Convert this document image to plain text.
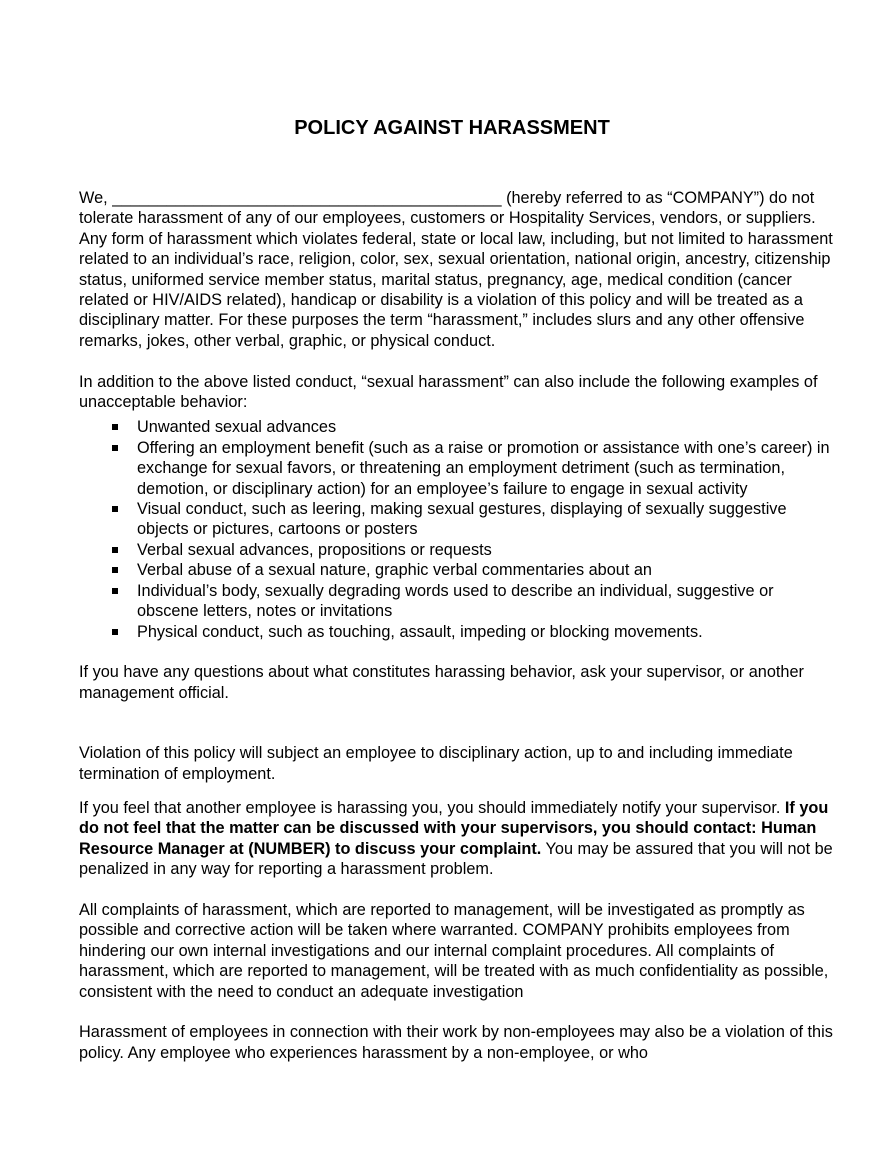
POLICY AGAINST HARASSMENT

We, ___________________________________________ (hereby referred to as “COMPANY”) do not tolerate harassment of any of our employees, customers or Hospitality Services, vendors, or suppliers. Any form of harassment which violates federal, state or local law, including, but not limited to harassment related to an individual’s race, religion, color, sex, sexual orientation, national origin, ancestry, citizenship status, uniformed service member status, marital status, pregnancy, age, medical condition (cancer related or HIV/AIDS related), handicap or disability is a violation of this policy and will be treated as a disciplinary matter. For these purposes the term “harassment,” includes slurs and any other offensive remarks, jokes, other verbal, graphic, or physical conduct.

In addition to the above listed conduct, “sexual harassment” can also include the following examples of unacceptable behavior:

Unwanted sexual advances
Offering an employment benefit (such as a raise or promotion or assistance with one’s career) in exchange for sexual favors, or threatening an employment detriment (such as termination, demotion, or disciplinary action) for an employee’s failure to engage in sexual activity
Visual conduct, such as leering, making sexual gestures, displaying of sexually suggestive objects or pictures, cartoons or posters
Verbal sexual advances, propositions or requests
Verbal abuse of a sexual nature, graphic verbal commentaries about an
Individual’s body, sexually degrading words used to describe an individual, suggestive or obscene letters, notes or invitations
Physical conduct, such as touching, assault, impeding or blocking movements.

If you have any questions about what constitutes harassing behavior, ask your supervisor, or another management official.

Violation of this policy will subject an employee to disciplinary action, up to and including immediate termination of employment.

If you feel that another employee is harassing you, you should immediately notify your supervisor. If you do not feel that the matter can be discussed with your supervisors, you should contact: Human Resource Manager at (NUMBER) to discuss your complaint. You may be assured that you will not be penalized in any way for reporting a harassment problem.

All complaints of harassment, which are reported to management, will be investigated as promptly as possible and corrective action will be taken where warranted. COMPANY prohibits employees from hindering our own internal investigations and our internal complaint procedures. All complaints of harassment, which are reported to management, will be treated with as much confidentiality as possible, consistent with the need to conduct an adequate investigation

Harassment of employees in connection with their work by non-employees may also be a violation of this policy. Any employee who experiences harassment by a non-employee, or who
